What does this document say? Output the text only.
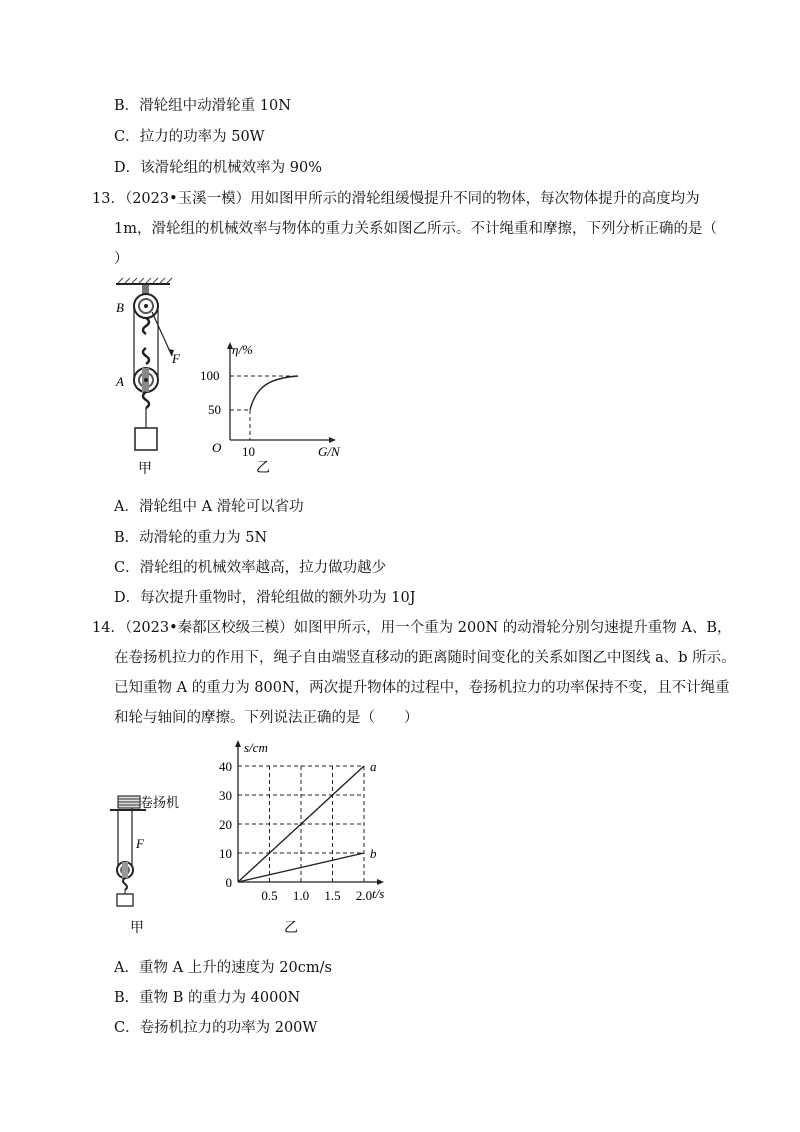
B．滑轮组中动滑轮重 10N
C．拉力的功率为 50W
D．该滑轮组的机械效率为 90%
13．（2023•玉溪一模）用如图甲所示的滑轮组缓慢提升不同的物体，每次物体提升的高度均为
1m，滑轮组的机械效率与物体的重力关系如图乙所示。不计绳重和摩擦，下列分析正确的是（
）
F
B
A
甲
η/%
G/N
O
100
50
10
乙
A．滑轮组中 A 滑轮可以省功
B．动滑轮的重力为 5N
C．滑轮组的机械效率越高，拉力做功越少
D．每次提升重物时，滑轮组做的额外功为 10J
14．（2023•秦都区校级三模）如图甲所示，用一个重为 200N 的动滑轮分别匀速提升重物 A、B，
在卷扬机拉力的作用下，绳子自由端竖直移动的距离随时间变化的关系如图乙中图线 a、b 所示。
已知重物 A 的重力为 800N，两次提升物体的过程中，卷扬机拉力的功率保持不变，且不计绳重
和轮与轴间的摩擦。下列说法正确的是（　　）
卷扬机
F
甲
s/cm
t/s
0
10
20
30
40
0.5 1.0 1.5 2.0
a
b
乙
A．重物 A 上升的速度为 20cm/s
B．重物 B 的重力为 4000N
C．卷扬机拉力的功率为 200W
